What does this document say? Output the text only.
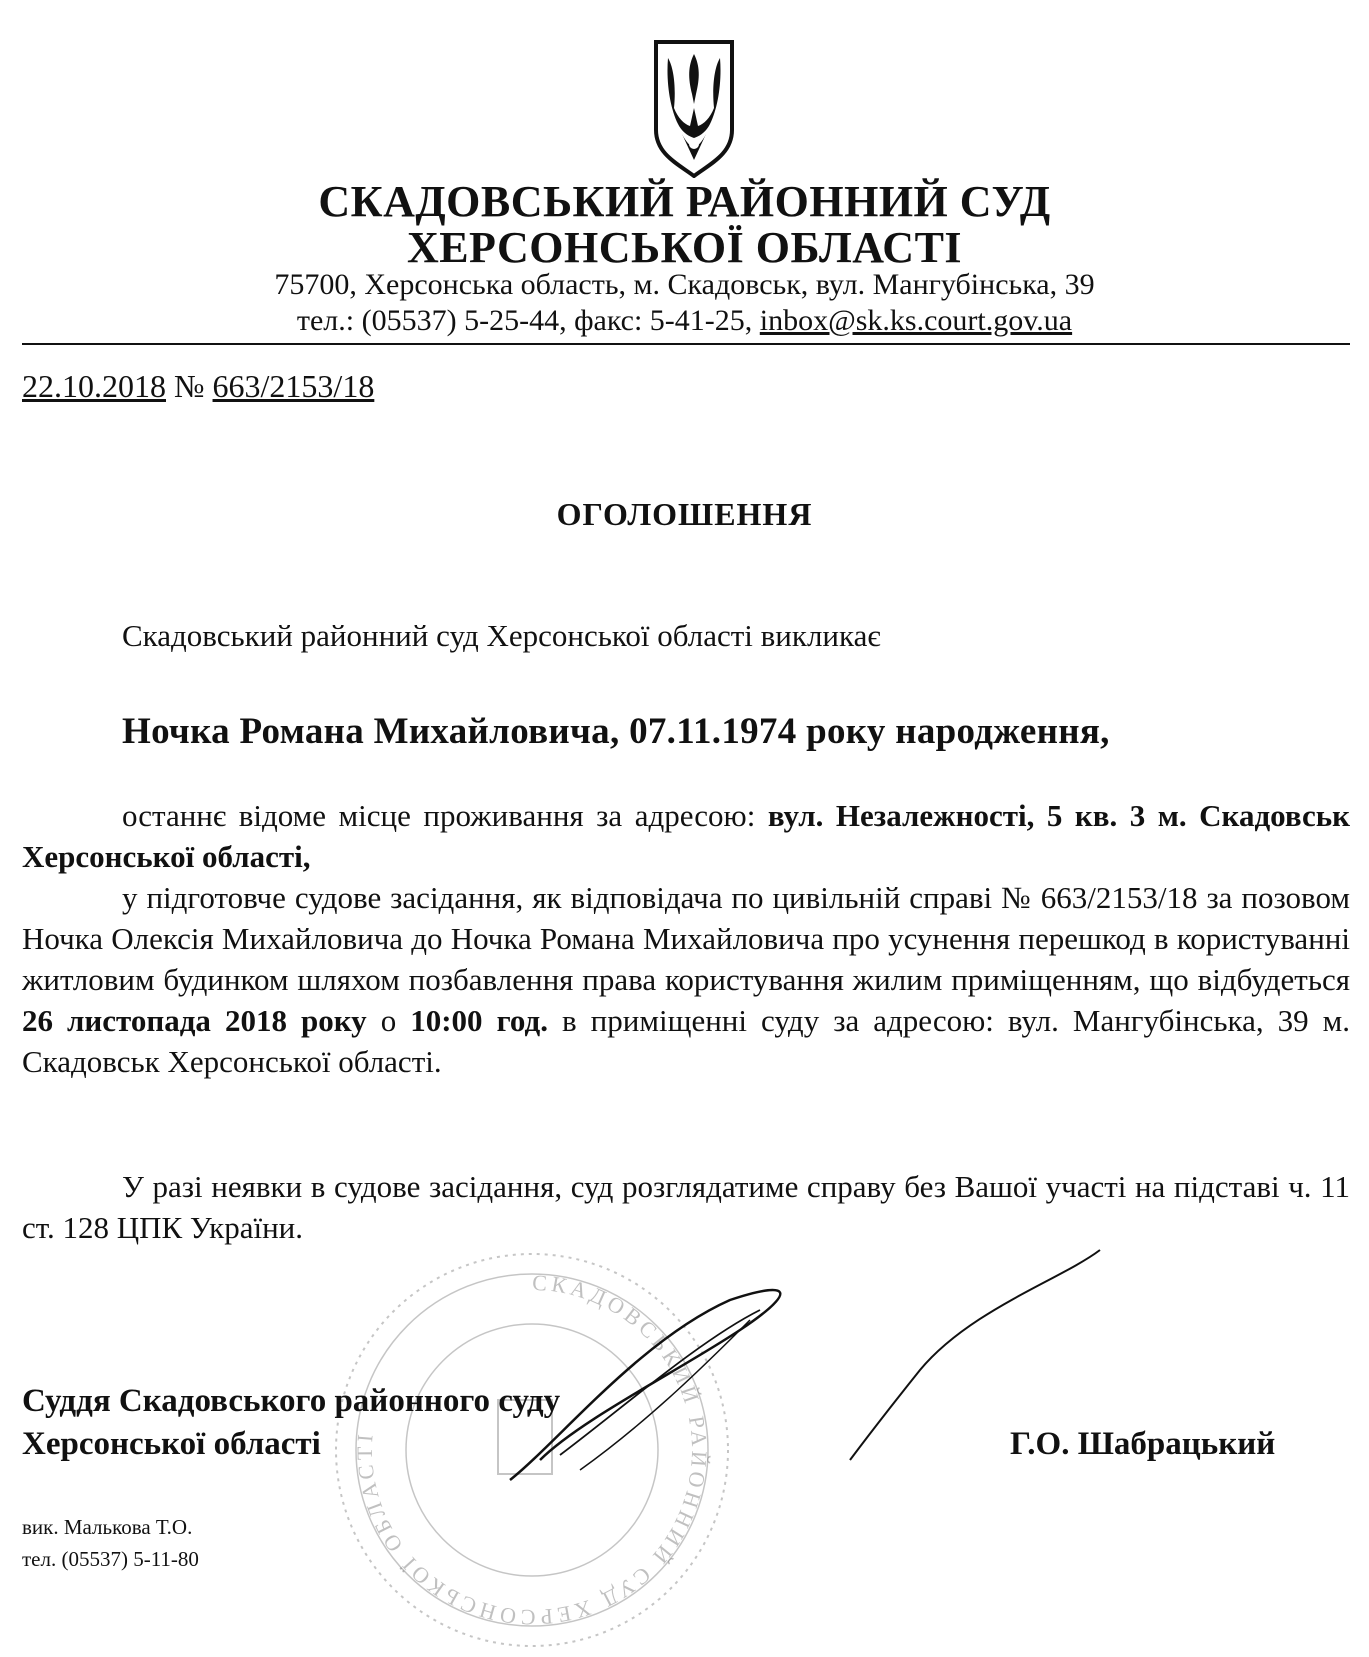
СКАДОВСЬКИЙ РАЙОННИЙ СУД
ХЕРСОНСЬКОЇ ОБЛАСТІ
75700, Херсонська область, м. Скадовськ, вул. Мангубінська, 39
тел.: (05537) 5-25-44, факс: 5-41-25, inbox@sk.ks.court.gov.ua
22.10.2018 № 663/2153/18
ОГОЛОШЕННЯ
Скадовський районний суд Херсонської області викликає
Ночка Романа Михайловича, 07.11.1974 року народження,

останнє відоме місце проживання за адресою: вул. Незалежності, 5 кв. 3 м. Скадовськ Херсонської області,

у підготовче судове засідання, як відповідача по цивільній справі № 663/2153/18 за позовом Ночка Олексія Михайловича до Ночка Романа Михайловича про усунення перешкод в користуванні житловим будинком шляхом позбавлення права користування жилим приміщенням, що відбудеться 26 листопада 2018 року о 10:00 год. в приміщенні суду за адресою: вул. Мангубінська, 39 м. Скадовськ Херсонської області.

У разі неявки в судове засідання, суд розглядатиме справу без Вашої участі на підставі ч. 11 ст. 128 ЦПК України.

СКАДОВСЬКИЙ РАЙОННИЙ СУД ХЕРСОНСЬКОЇ ОБЛАСТІ
Суддя Скадовського районного суду
Херсонської області	Г.О. Шабрацький
вик. Малькова Т.О.
тел. (05537) 5-11-80
